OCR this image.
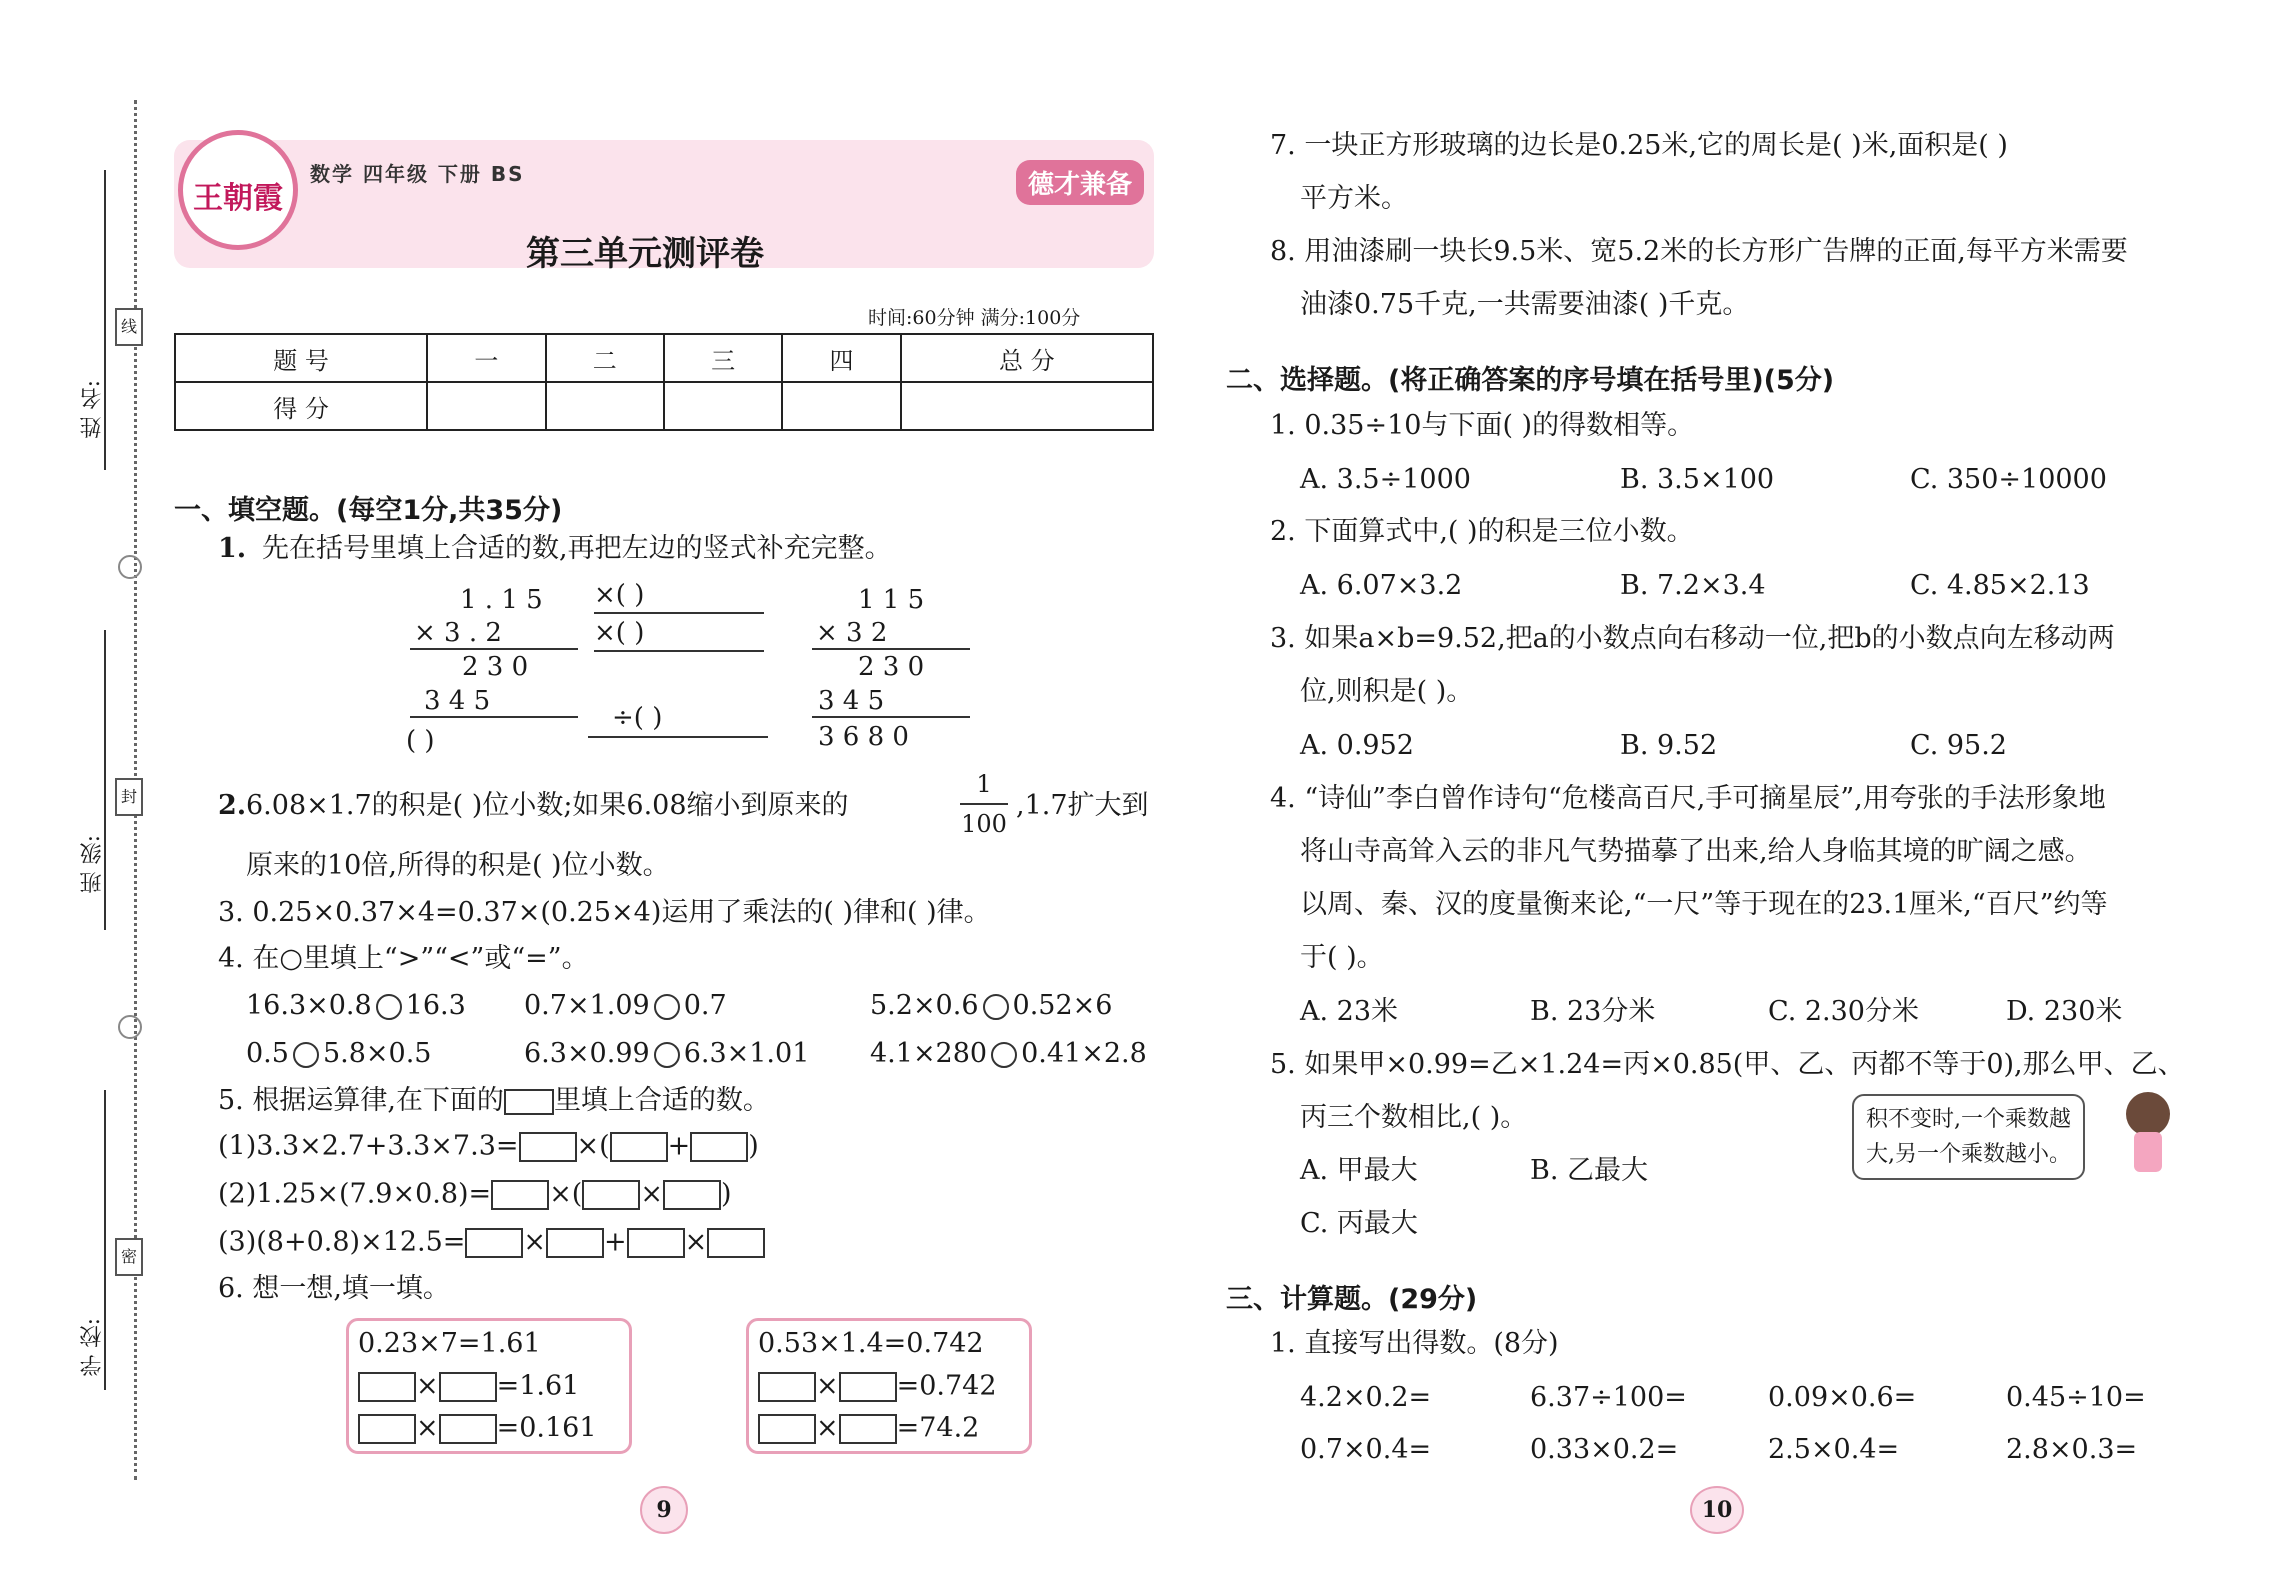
线
封
密
姓 名:
班 级:
学 校:
王朝霞
数学 四年级 下册 BS
第三单元测评卷
德才兼备
时间:60分钟 满分:100分
题 号	一	二	三	四	总 分
得 分					
一、填空题。(每空1分,共35分)
1. 先在括号里填上合适的数,再把左边的竖式补充完整。
1 . 1 5
× 3 . 2
2 3 0
3 4 5
( )
×( )
×( )
÷( )
1 1 5
× 3 2
2 3 0
3 4 5
3 6 8 0
2. 6.08×1.7的积是( )位小数;如果6.08缩小到原来的
1
100
,1.7扩大到
原来的10倍,所得的积是( )位小数。
3. 0.25×0.37×4=0.37×(0.25×4)运用了乘法的( )律和( )律。
4. 在○里填上“>”“<”或“=”。
16.3×0.8 16.3 0.7×1.09 0.7	5.2×0.6 0.52×6
0.5 5.8×0.5	6.3×0.99 6.3×1.01 4.1×280 0.41×2.8
5. 根据运算律,在下面的 里填上合适的数。
(1)3.3×2.7+3.3×7.3= ×( + )
(2)1.25×(7.9×0.8)= ×( × )
(3)(8+0.8)×12.5= × + ×
6. 想一想,填一填。
0.23×7=1.61
× =1.61
× =0.161
0.53×1.4=0.742
× =0.742
× =74.2
9
7. 一块正方形玻璃的边长是0.25米,它的周长是( )米,面积是( )
平方米。
8. 用油漆刷一块长9.5米、宽5.2米的长方形广告牌的正面,每平方米需要
油漆0.75千克,一共需要油漆( )千克。
二、选择题。(将正确答案的序号填在括号里)(5分)
1. 0.35÷10与下面( )的得数相等。
A. 3.5÷1000	B. 3.5×100	C. 350÷10000
2. 下面算式中,( )的积是三位小数。
A. 6.07×3.2	B. 7.2×3.4	C. 4.85×2.13
3. 如果a×b=9.52,把a的小数点向右移动一位,把b的小数点向左移动两
位,则积是( )。
A. 0.952	B. 9.52	C. 95.2
4. “诗仙”李白曾作诗句“危楼高百尺,手可摘星辰”,用夸张的手法形象地
将山寺高耸入云的非凡气势描摹了出来,给人身临其境的旷阔之感。
以周、秦、汉的度量衡来论,“一尺”等于现在的23.1厘米,“百尺”约等
于( )。
A. 23米	B. 23分米	C. 2.30分米	D. 230米
5. 如果甲×0.99=乙×1.24=丙×0.85(甲、乙、丙都不等于0),那么甲、乙、
丙三个数相比,( )。	积不变时,一个乘数越
大,另一个乘数越小。
A. 甲最大	B. 乙最大
C. 丙最大
三、计算题。(29分)
1. 直接写出得数。(8分)
4.2×0.2=	6.37÷100=	0.09×0.6=	0.45÷10=
0.7×0.4=	0.33×0.2=	2.5×0.4=	2.8×0.3=
10
